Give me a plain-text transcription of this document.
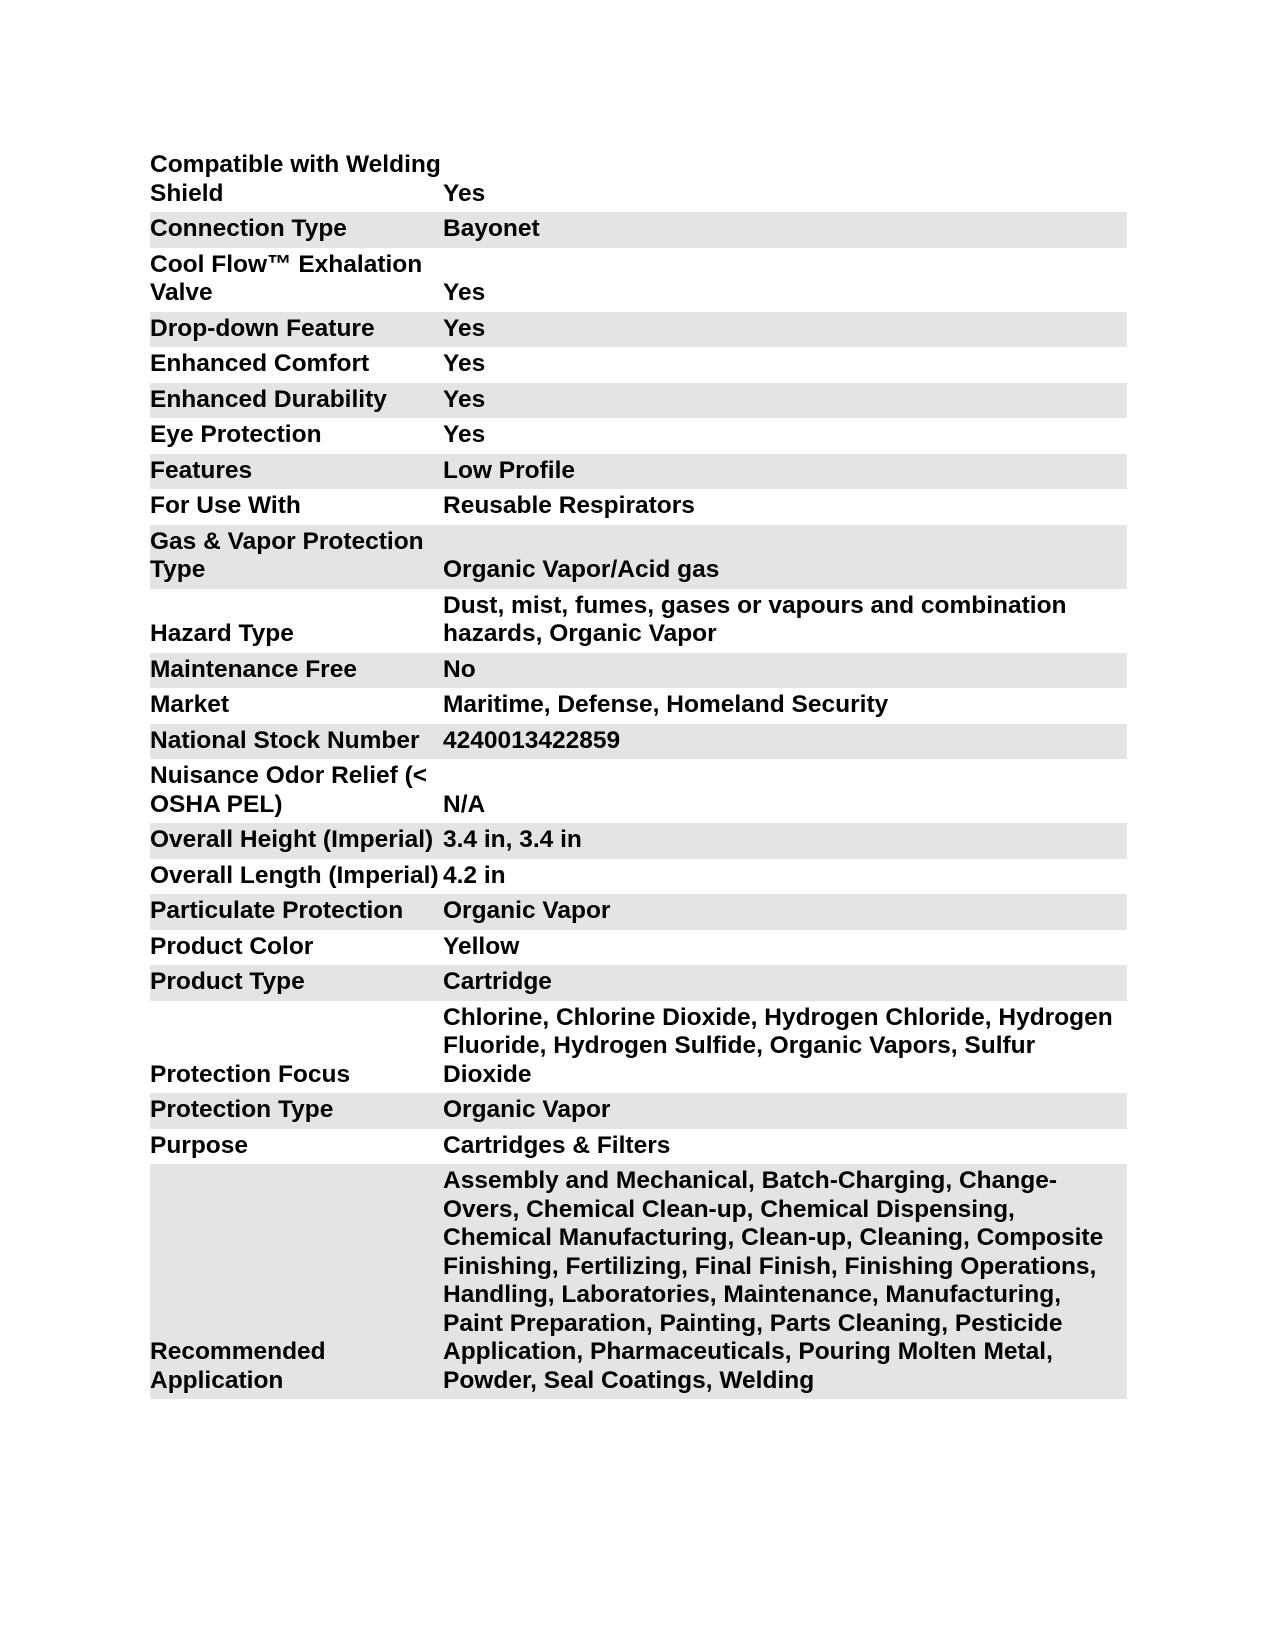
Compatible with Welding Shield	Yes
Connection Type	Bayonet
Cool Flow™ Exhalation Valve	Yes
Drop-down Feature	Yes
Enhanced Comfort	Yes
Enhanced Durability	Yes
Eye Protection	Yes
Features	Low Profile
For Use With	Reusable Respirators
Gas & Vapor Protection Type	Organic Vapor/Acid gas
Hazard Type	Dust, mist, fumes, gases or vapours and combination hazards, Organic Vapor
Maintenance Free	No
Market	Maritime, Defense, Homeland Security
National Stock Number	4240013422859
Nuisance Odor Relief (< OSHA PEL)	N/A
Overall Height (Imperial)	3.4 in, 3.4 in
Overall Length (Imperial)	4.2 in
Particulate Protection	Organic Vapor
Product Color	Yellow
Product Type	Cartridge
Protection Focus	Chlorine, Chlorine Dioxide, Hydrogen Chloride, Hydrogen Fluoride, Hydrogen Sulfide, Organic Vapors, Sulfur Dioxide
Protection Type	Organic Vapor
Purpose	Cartridges & Filters
Recommended Application	Assembly and Mechanical, Batch-Charging, Change-Overs, Chemical Clean-up, Chemical Dispensing, Chemical Manufacturing, Clean-up, Cleaning, Composite Finishing, Fertilizing, Final Finish, Finishing Operations, Handling, Laboratories, Maintenance, Manufacturing, Paint Preparation, Painting, Parts Cleaning, Pesticide Application, Pharmaceuticals, Pouring Molten Metal, Powder, Seal Coatings, Welding
